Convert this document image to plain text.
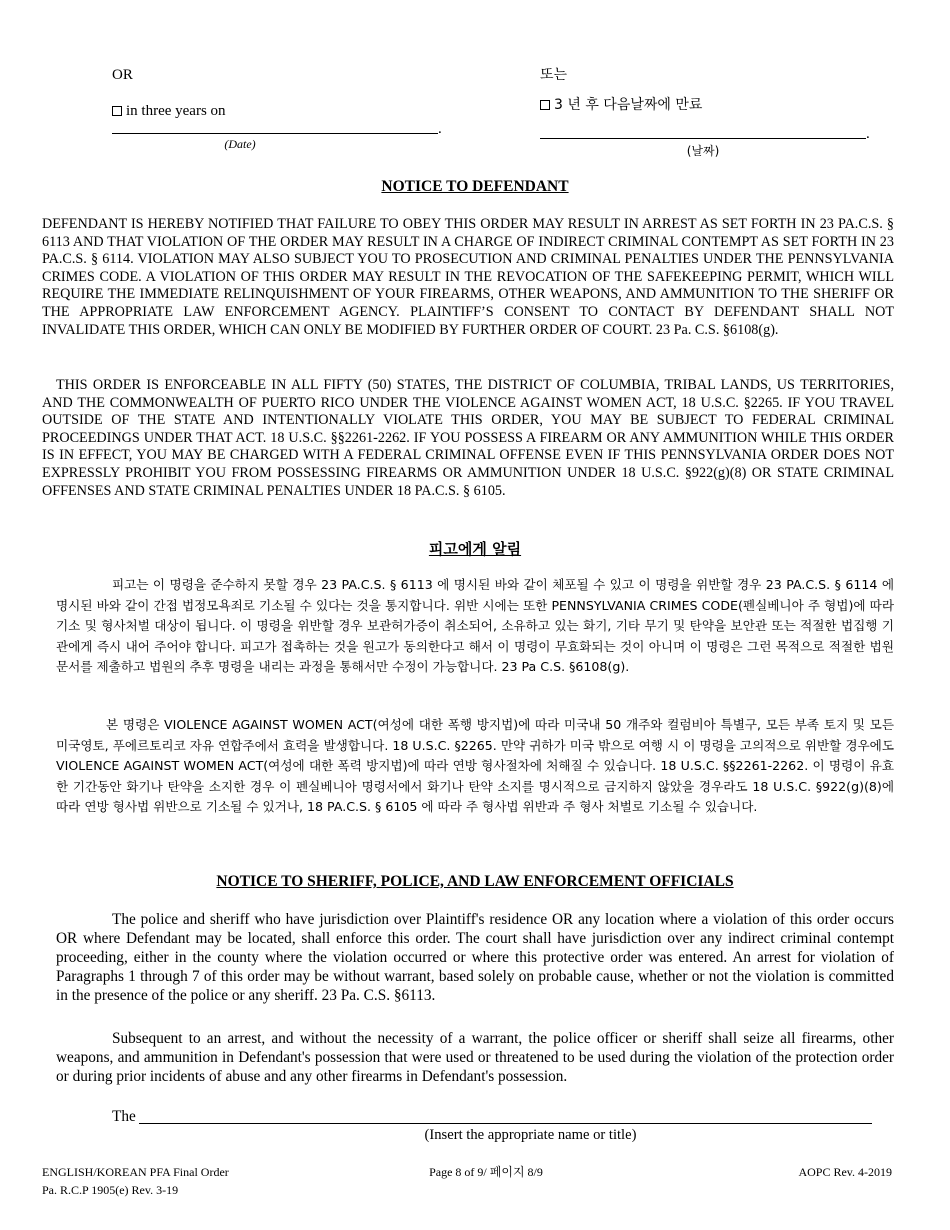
OR
in three years on
.
(Date)
또는
3 년 후 다음날짜에 만료
.
(날짜)
NOTICE TO DEFENDANT
DEFENDANT IS HEREBY NOTIFIED THAT FAILURE TO OBEY THIS ORDER MAY RESULT IN ARREST AS SET FORTH IN 23 PA.C.S. § 6113 AND THAT VIOLATION OF THE ORDER MAY RESULT IN A CHARGE OF INDIRECT CRIMINAL CONTEMPT AS SET FORTH IN 23 PA.C.S. § 6114. VIOLATION MAY ALSO SUBJECT YOU TO PROSECUTION AND CRIMINAL PENALTIES UNDER THE PENNSYLVANIA CRIMES CODE. A VIOLATION OF THIS ORDER MAY RESULT IN THE REVOCATION OF THE SAFEKEEPING PERMIT, WHICH WILL REQUIRE THE IMMEDIATE RELINQUISHMENT OF YOUR FIREARMS, OTHER WEAPONS, AND AMMUNITION TO THE SHERIFF OR THE APPROPRIATE LAW ENFORCEMENT AGENCY. PLAINTIFF’S CONSENT TO CONTACT BY DEFENDANT SHALL NOT INVALIDATE THIS ORDER, WHICH CAN ONLY BE MODIFIED BY FURTHER ORDER OF COURT. 23 Pa. C.S. §6108(g).
THIS ORDER IS ENFORCEABLE IN ALL FIFTY (50) STATES, THE DISTRICT OF COLUMBIA, TRIBAL LANDS, US TERRITORIES, AND THE COMMONWEALTH OF PUERTO RICO UNDER THE VIOLENCE AGAINST WOMEN ACT, 18 U.S.C. §2265. IF YOU TRAVEL OUTSIDE OF THE STATE AND INTENTIONALLY VIOLATE THIS ORDER, YOU MAY BE SUBJECT TO FEDERAL CRIMINAL PROCEEDINGS UNDER THAT ACT. 18 U.S.C. §§2261-2262. IF YOU POSSESS A FIREARM OR ANY AMMUNITION WHILE THIS ORDER IS IN EFFECT, YOU MAY BE CHARGED WITH A FEDERAL CRIMINAL OFFENSE EVEN IF THIS PENNSYLVANIA ORDER DOES NOT EXPRESSLY PROHIBIT YOU FROM POSSESSING FIREARMS OR AMMUNITION UNDER 18 U.S.C. §922(g)(8) OR STATE CRIMINAL OFFENSES AND STATE CRIMINAL PENALTIES UNDER 18 PA.C.S. § 6105.
피고에게 알림
피고는 이 명령을 준수하지 못할 경우 23 PA.C.S. § 6113 에 명시된 바와 같이 체포될 수 있고 이 명령을 위반할 경우 23 PA.C.S. § 6114 에 명시된 바와 같이 간접 법정모욕죄로 기소될 수 있다는 것을 통지합니다. 위반 시에는 또한 PENNSYLVANIA CRIMES CODE(펜실베니아 주 형법)에 따라 기소 및 형사처벌 대상이 됩니다. 이 명령을 위반할 경우 보관허가증이 취소되어, 소유하고 있는 화기, 기타 무기 및 탄약을 보안관 또는 적절한 법집행 기관에게 즉시 내어 주어야 합니다. 피고가 접촉하는 것을 원고가 동의한다고 해서 이 명령이 무효화되는 것이 아니며 이 명령은 그런 목적으로 적절한 법원문서를 제출하고 법원의 추후 명령을 내리는 과정을 통해서만 수정이 가능합니다. 23 Pa C.S. §6108(g).
본 명령은 VIOLENCE AGAINST WOMEN ACT(여성에 대한 폭행 방지법)에 따라 미국내 50 개주와 컬럼비아 특별구, 모든 부족 토지 및 모든 미국영토, 푸에르토리코 자유 연합주에서 효력을 발생합니다. 18 U.S.C. §2265. 만약 귀하가 미국 밖으로 여행 시 이 명령을 고의적으로 위반할 경우에도 VIOLENCE AGAINST WOMEN ACT(여성에 대한 폭력 방지법)에 따라 연방 형사절차에 처해질 수 있습니다. 18 U.S.C. §§2261-2262. 이 명령이 유효한 기간동안 화기나 탄약을 소지한 경우 이 펜실베니아 명령서에서 화기나 탄약 소지를 명시적으로 금지하지 않았을 경우라도 18 U.S.C. §922(g)(8)에 따라 연방 형사법 위반으로 기소될 수 있거나, 18 PA.C.S. § 6105 에 따라 주 형사법 위반과 주 형사 처벌로 기소될 수 있습니다.
NOTICE TO SHERIFF, POLICE, AND LAW ENFORCEMENT OFFICIALS
The police and sheriff who have jurisdiction over Plaintiff's residence OR any location where a violation of this order occurs OR where Defendant may be located, shall enforce this order. The court shall have jurisdiction over any indirect criminal contempt proceeding, either in the county where the violation occurred or where this protective order was entered. An arrest for violation of Paragraphs 1 through 7 of this order may be without warrant, based solely on probable cause, whether or not the violation is committed in the presence of the police or any sheriff. 23 Pa. C.S. §6113.
Subsequent to an arrest, and without the necessity of a warrant, the police officer or sheriff shall seize all firearms, other weapons, and ammunition in Defendant's possession that were used or threatened to be used during the violation of the protection order or during prior incidents of abuse and any other firearms in Defendant's possession.
The
(Insert the appropriate name or title)
ENGLISH/KOREAN PFA Final Order
Pa. R.C.P 1905(e) Rev. 3-19
Page 8 of 9/ 페이지 8/9	AOPC Rev. 4-2019
